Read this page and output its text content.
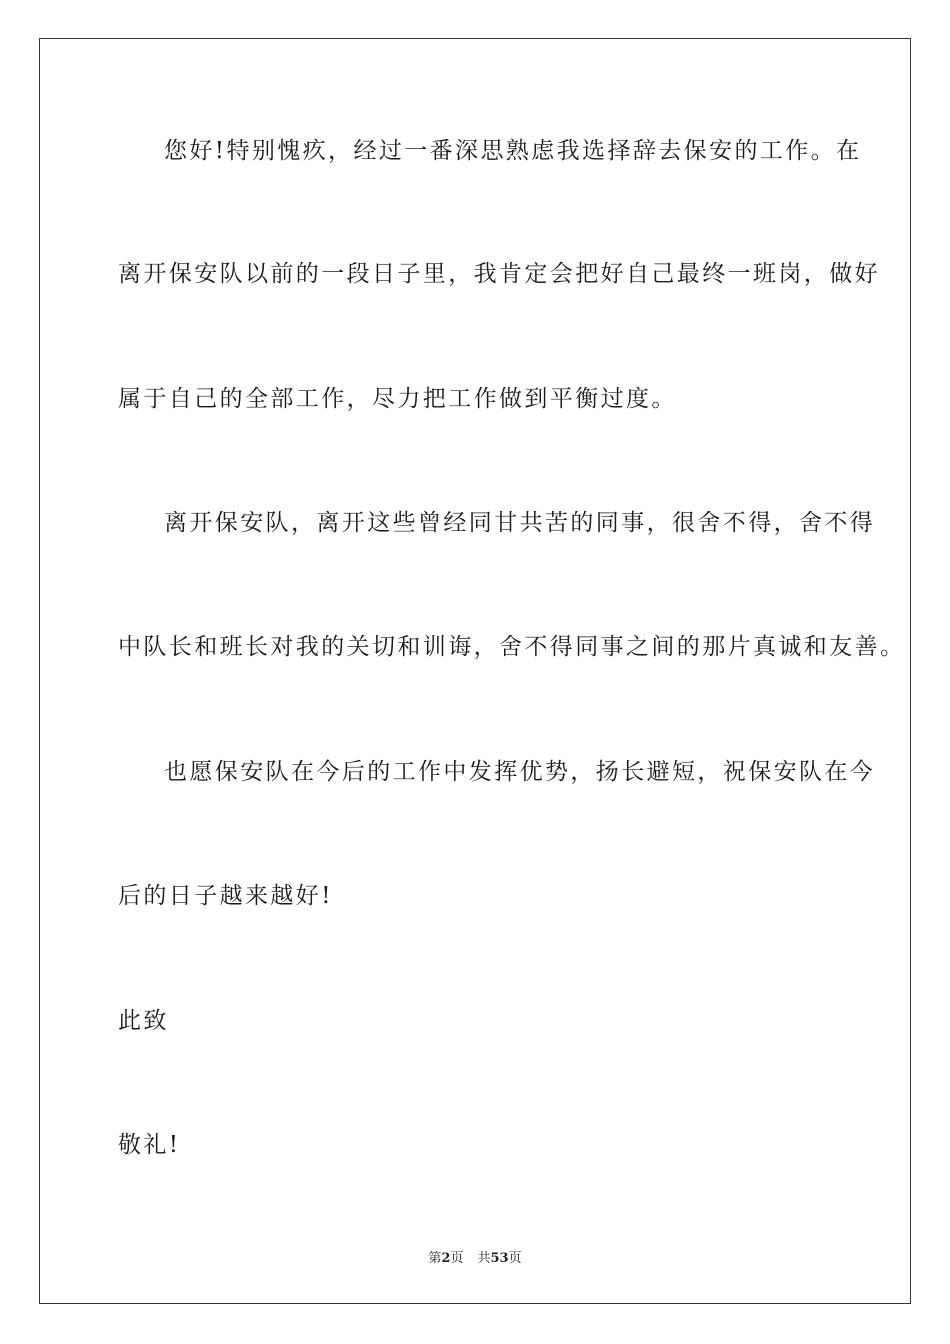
您好!特别愧疚，经过一番深思熟虑我选择辞去保安的工作。在
离开保安队以前的一段日子里，我肯定会把好自己最终一班岗，做好
属于自己的全部工作，尽力把工作做到平衡过度。
离开保安队，离开这些曾经同甘共苦的同事，很舍不得，舍不得
中队长和班长对我的关切和训诲，舍不得同事之间的那片真诚和友善。
也愿保安队在今后的工作中发挥优势，扬长避短，祝保安队在今
后的日子越来越好!
此致
敬礼!
第2页 共53页
